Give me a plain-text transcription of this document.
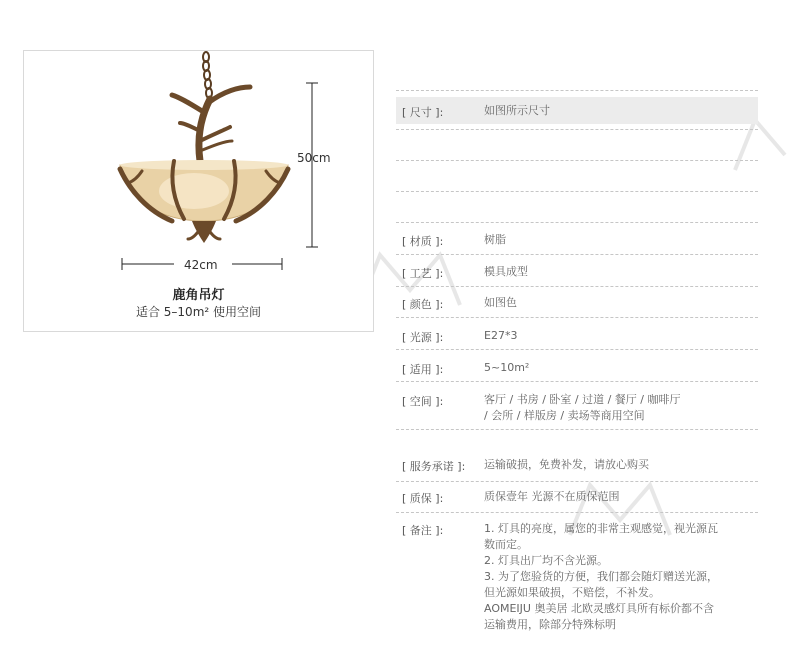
50cm
42cm
鹿角吊灯
适合 5–10m² 使用空间
[ 尺寸 ]:	如图所示尺寸
[ 材质 ]:	树脂
[ 工艺 ]:	模具成型
[ 颜色 ]:	如图色
[ 光源 ]:	E27*3
[ 适用 ]:	5~10m²
[ 空间 ]:	客厅 / 书房 / 卧室 / 过道 / 餐厅 / 咖啡厅
/ 会所 / 样版房 / 卖场等商用空间
[ 服务承诺 ]: 运输破损，免费补发，请放心购买
[ 质保 ]:	质保壹年 光源不在质保范围
[ 备注 ]:	1. 灯具的亮度，属您的非常主观感觉，视光源瓦
数而定。
2. 灯具出厂均不含光源。
3. 为了您验货的方便，我们都会随灯赠送光源，
但光源如果破损，不赔偿，不补发。
AOMEIJU 奥美居 北欧灵感灯具所有标价都不含
运输费用，除部分特殊标明
